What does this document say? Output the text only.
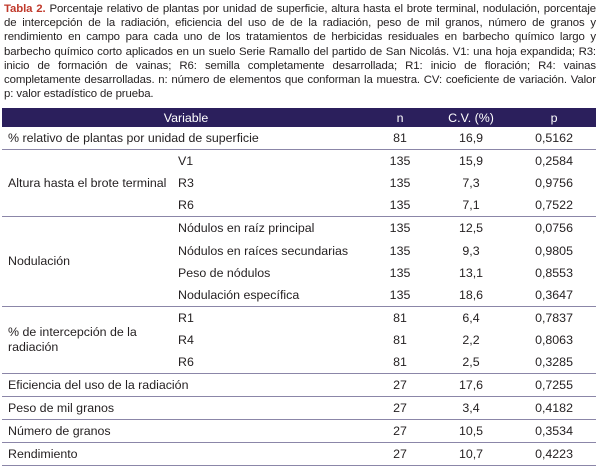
Tabla 2. Porcentaje relativo de plantas por unidad de superficie, altura hasta el brote terminal, nodulación, porcentaje de intercepción de la radiación, eficiencia del uso de de la radiación, peso de mil granos, número de granos y rendimiento en campo para cada uno de los tratamientos de herbicidas residuales en barbecho químico largo y barbecho químico corto aplicados en un suelo Serie Ramallo del partido de San Nicolás. V1: una hoja expandida; R3: inicio de formación de vainas; R6: semilla completamente desarrollada; R1: inicio de floración; R4: vainas completamente desarrolladas. n: número de elementos que conforman la muestra. CV: coeficiente de variación. Valor p: valor estadístico de prueba.
Variable		n	C.V. (%)	p
% relativo de plantas por unidad de superficie		81	16,9	0,5162
Altura hasta el brote terminal	V1	135	15,9	0,2584
	R3	135	7,3	0,9756
	R6	135	7,1	0,7522
Nodulación	Nódulos en raíz principal	135	12,5	0,0756
	Nódulos en raíces secundarias	135	9,3	0,9805
	Peso de nódulos	135	13,1	0,8553
	Nodulación específica	135	18,6	0,3647
% de intercepción de la radiación	R1	81	6,4	0,7837
	R4	81	2,2	0,8063
	R6	81	2,5	0,3285
Eficiencia del uso de la radiación		27	17,6	0,7255
Peso de mil granos		27	3,4	0,4182
Número de granos		27	10,5	0,3534
Rendimiento		27	10,7	0,4223
